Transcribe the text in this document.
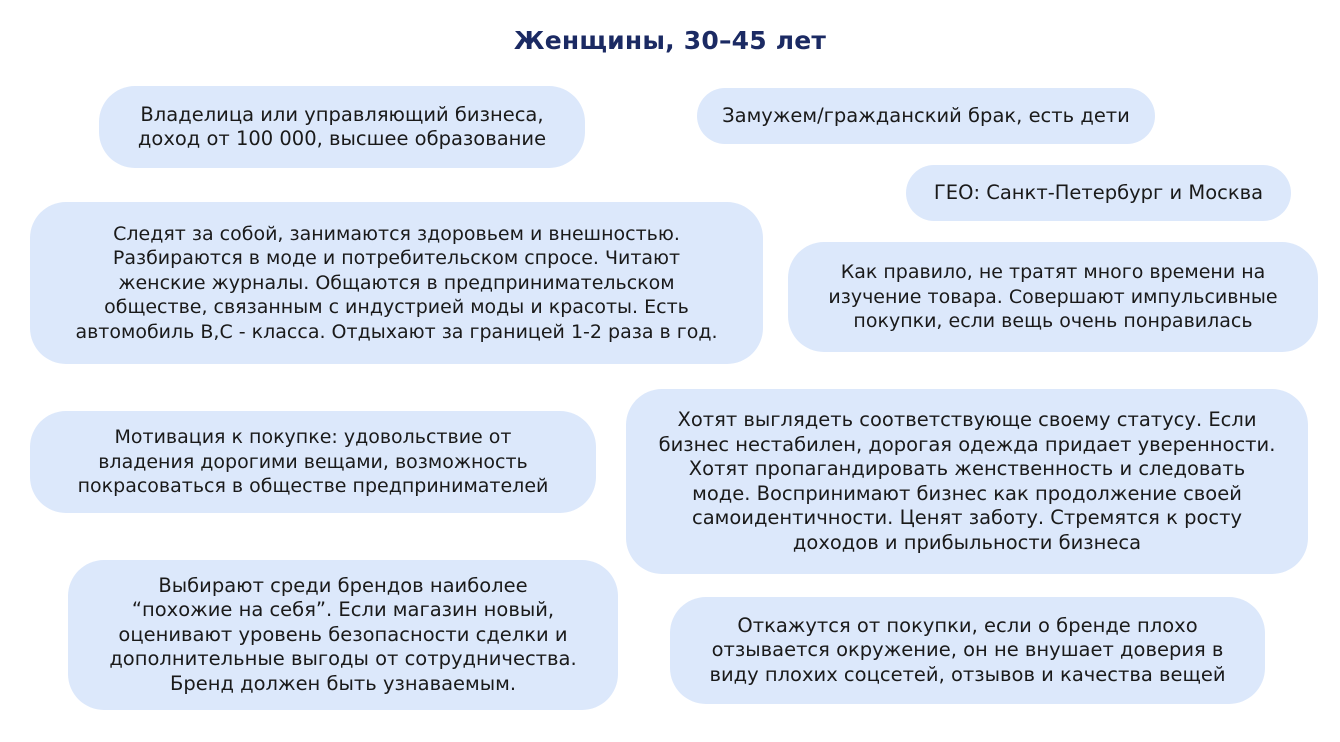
Женщины, 30–45 лет
Владелица или управляющий бизнеса,
доход от 100 000, высшее образование
Замужем/гражданский брак, есть дети
ГЕО: Санкт-Петербург и Москва
Следят за собой, занимаются здоровьем и внешностью.
Разбираются в моде и потребительском спросе. Читают
женские журналы. Общаются в предпринимательском
обществе, связанным с индустрией моды и красоты. Есть
автомобиль В,С - класса. Отдыхают за границей 1-2 раза в год.
Как правило, не тратят много времени на
изучение товара. Совершают импульсивные
покупки, если вещь очень понравилась
Мотивация к покупке: удовольствие от
владения дорогими вещами, возможность
покрасоваться в обществе предпринимателей
Хотят выглядеть соответствующе своему статусу. Если
бизнес нестабилен, дорогая одежда придает уверенности.
Хотят пропагандировать женственность и следовать
моде. Воспринимают бизнес как продолжение своей
самоидентичности. Ценят заботу. Стремятся к росту
доходов и прибыльности бизнеса
Выбирают среди брендов наиболее
“похожие на себя”. Если магазин новый,
оценивают уровень безопасности сделки и
дополнительные выгоды от сотрудничества.
Бренд должен быть узнаваемым.
Откажутся от покупки, если о бренде плохо
отзывается окружение, он не внушает доверия в
виду плохих соцсетей, отзывов и качества вещей
